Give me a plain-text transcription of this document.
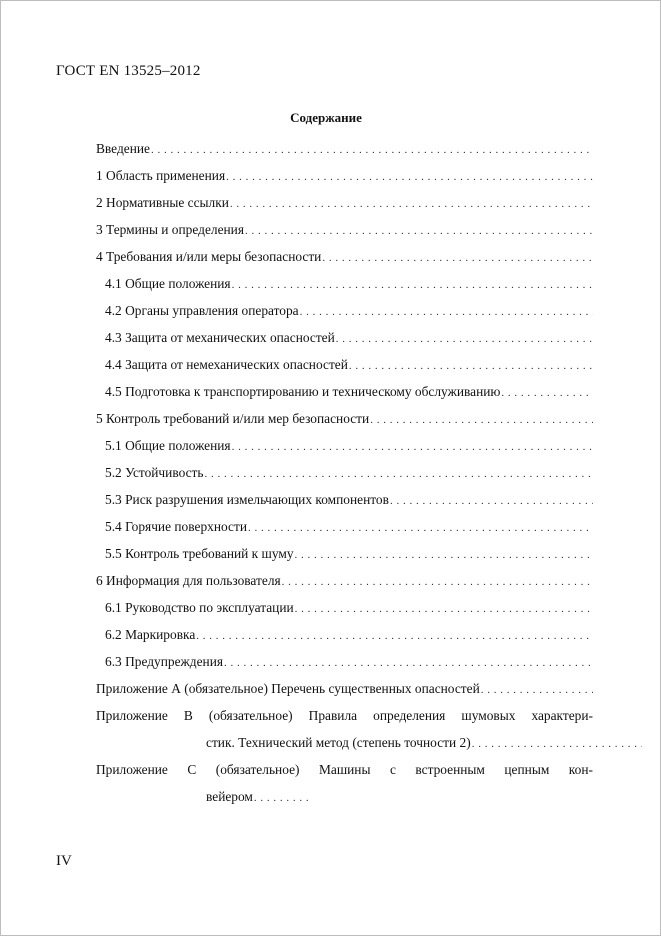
ГОСТ EN 13525–2012
Содержание
Введение
. . .
1 Область применения
. . .
2 Нормативные ссылки
. . .
3 Термины и определения
. . .
4 Требования и/или меры безопасности
. . .
4.1 Общие положения
. . .
4.2 Органы управления оператора
. . .
4.3 Защита от механических опасностей
. . .
4.4 Защита от немеханических опасностей
. . .
4.5 Подготовка к транспортированию и техническому обслуживанию
. . .
5 Контроль требований и/или мер безопасности
. . .
5.1 Общие положения
. . .
5.2 Устойчивость
. . .
5.3 Риск разрушения измельчающих компонентов
. . .
5.4 Горячие поверхности
. . .
5.5 Контроль требований к шуму
. . .
6 Информация для пользователя
. . .
6.1 Руководство по эксплуатации
. . .
6.2 Маркировка
. . .
6.3 Предупреждения
. . .
Приложение А (обязательное) Перечень существенных опасностей
. . .
Приложение В (обязательное) Правила определения шумовых характери-
стик. Технический метод (степень точности 2)
. . .
Приложение С (обязательное) Машины с встроенным цепным кон-
вейером
. . .
IV
